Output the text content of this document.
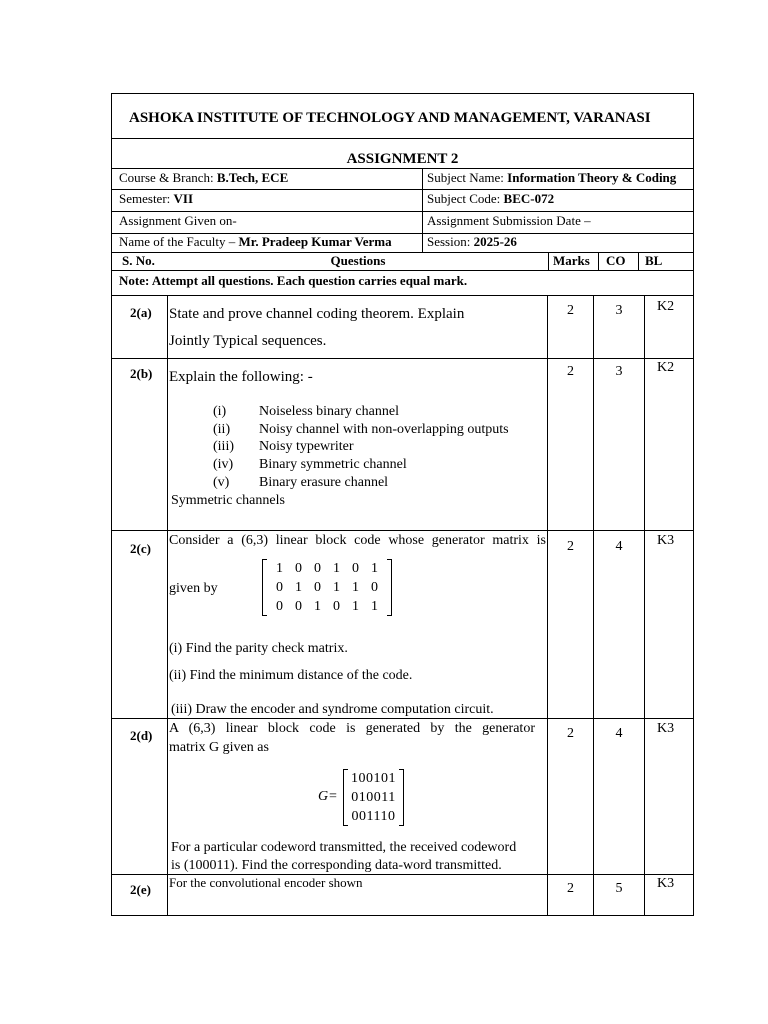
ASHOKA INSTITUTE OF TECHNOLOGY AND MANAGEMENT, VARANASI
ASSIGNMENT 2
Course & Branch: B.Tech, ECE	Subject Name: Information Theory & Coding
Semester: VII	Subject Code: BEC-072
Assignment Given on-	Assignment Submission Date –
Name of the Faculty – Mr. Pradeep Kumar Verma	Session: 2025-26
S. No.	Questions	Marks CO BL
Note: Attempt all questions. Each question carries equal mark.
2(a) State and prove channel coding theorem. Explain
Jointly Typical sequences.
2	3	K2
2(b) Explain the following: -
(i) Noiseless binary channel
(ii) Noisy channel with non-overlapping outputs
(iii) Noisy typewriter
(iv) Binary symmetric channel
(v) Binary erasure channel
Symmetric channels
2	3	K2
2(c)
Consider a (6,3) linear block code whose generator matrix is
given by
1 0 0 1 0 1
0 1 0 1 1 0
0 0 1 0 1 1
(i) Find the parity check matrix.
(ii) Find the minimum distance of the code.
(iii) Draw the encoder and syndrome computation circuit.
2	4	K3
2(d) A (6,3) linear block code is generated by the generator
matrix G given as
G=
100101
010011
001110
For a particular codeword transmitted, the received codeword
is (100011). Find the corresponding data-word transmitted.
2	4	K3
2(e) For the convolutional encoder shown	2	5	K3
